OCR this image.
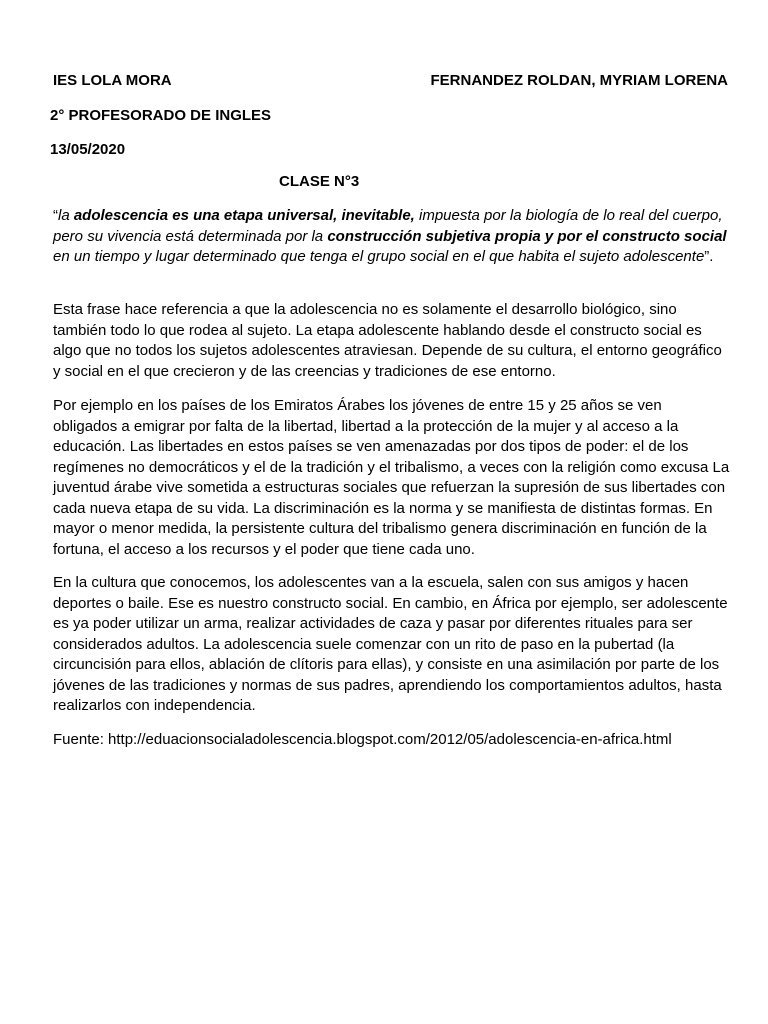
IES LOLA MORA	FERNANDEZ ROLDAN, MYRIAM LORENA
2° PROFESORADO DE INGLES
13/05/2020
CLASE N°3

“la adolescencia es una etapa universal, inevitable, impuesta por la biología de lo real del cuerpo, pero su vivencia está determinada por la construcción subjetiva propia y por el constructo social en un tiempo y lugar determinado que tenga el grupo social en el que habita el sujeto adolescente”.

Esta frase hace referencia a que la adolescencia no es solamente el desarrollo biológico, sino también todo lo que rodea al sujeto. La etapa adolescente hablando desde el constructo social es algo que no todos los sujetos adolescentes atraviesan. Depende de su cultura, el entorno geográfico y social en el que crecieron y de las creencias y tradiciones de ese entorno.

Por ejemplo en los países de los Emiratos Árabes los jóvenes de entre 15 y 25 años se ven obligados a emigrar por falta de la libertad, libertad a la protección de la mujer y al acceso a la educación. Las libertades en estos países se ven amenazadas por dos tipos de poder: el de los regímenes no democráticos y el de la tradición y el tribalismo, a veces con la religión como excusa La juventud árabe vive sometida a estructuras sociales que refuerzan la supresión de sus libertades con cada nueva etapa de su vida. La discriminación es la norma y se manifiesta de distintas formas. En mayor o menor medida, la persistente cultura del tribalismo genera discriminación en función de la fortuna, el acceso a los recursos y el poder que tiene cada uno.

En la cultura que conocemos, los adolescentes van a la escuela, salen con sus amigos y hacen deportes o baile. Ese es nuestro constructo social. En cambio, en África por ejemplo, ser adolescente es ya poder utilizar un arma, realizar actividades de caza y pasar por diferentes rituales para ser considerados adultos. La adolescencia suele comenzar con un rito de paso en la pubertad (la circuncisión para ellos, ablación de clítoris para ellas), y consiste en una asimilación por parte de los jóvenes de las tradiciones y normas de sus padres, aprendiendo los comportamientos adultos, hasta realizarlos con independencia.

Fuente: http://eduacionsocialadolescencia.blogspot.com/2012/05/adolescencia-en-africa.html
